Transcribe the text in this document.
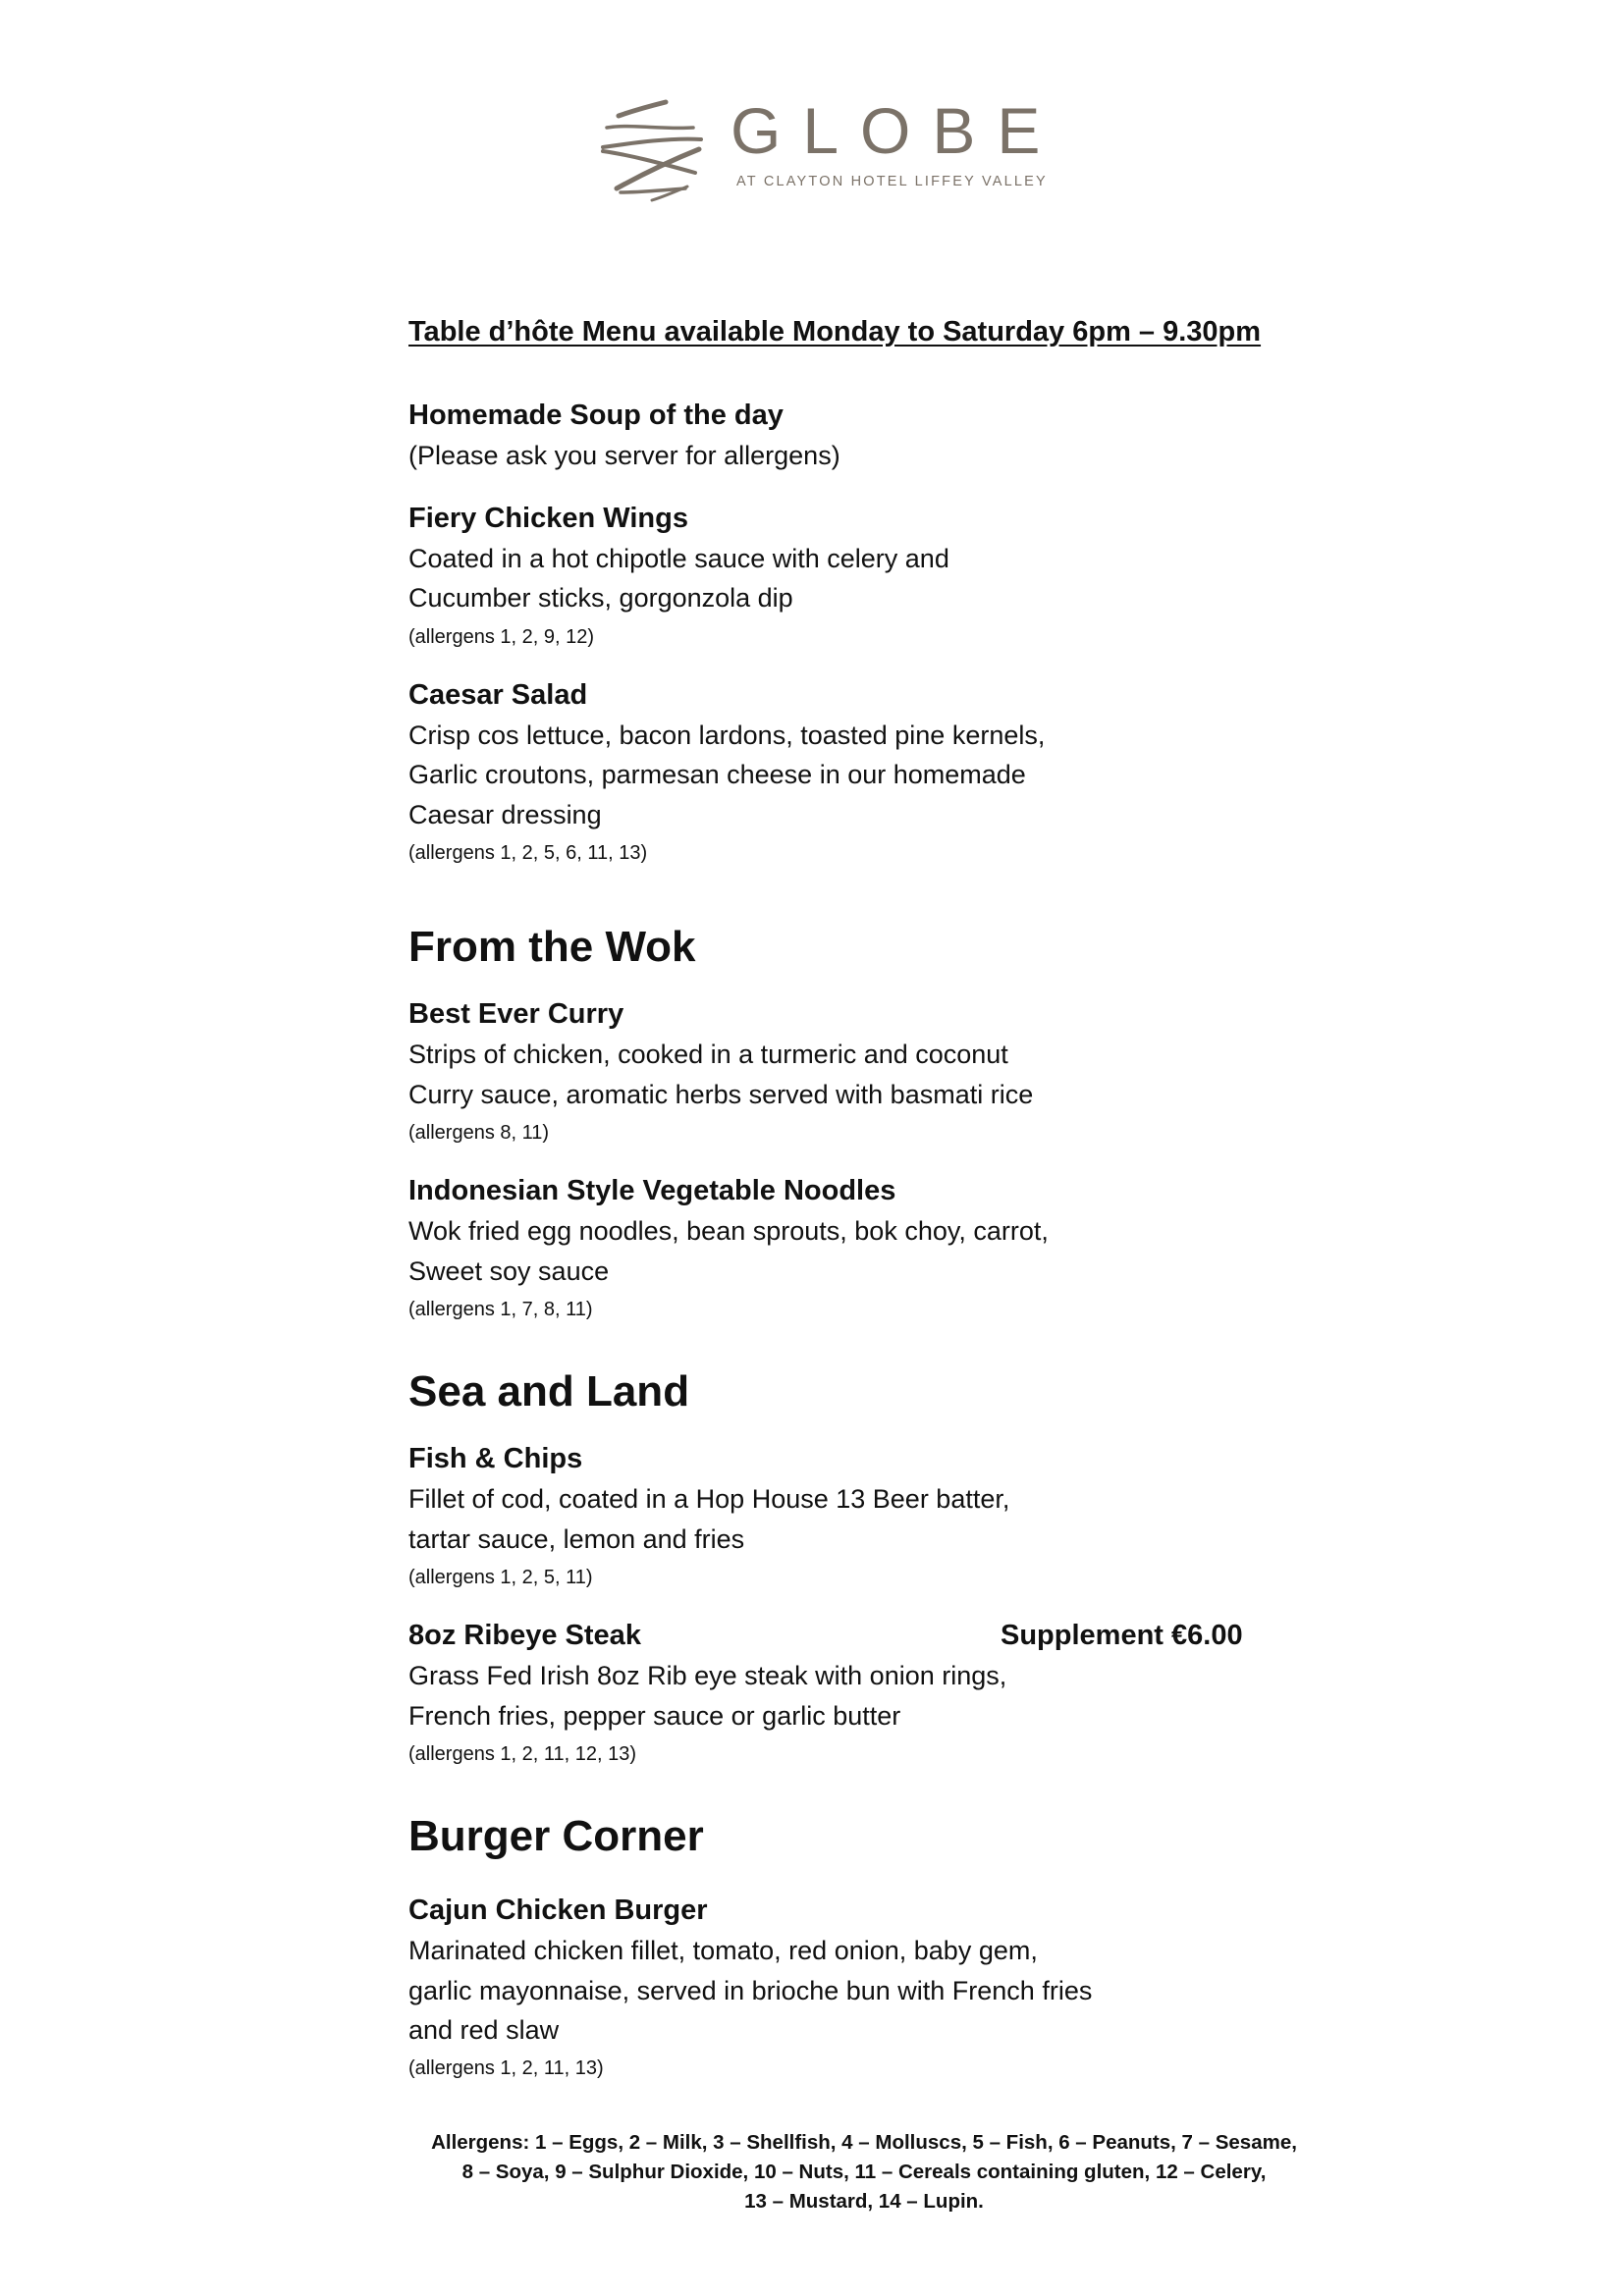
GLOBE
AT CLAYTON HOTEL LIFFEY VALLEY
Table d’hôte Menu available Monday to Saturday 6pm – 9.30pm
Homemade Soup of the day
(Please ask you server for allergens)
Fiery Chicken Wings
Coated in a hot chipotle sauce with celery and
Cucumber sticks, gorgonzola dip
(allergens 1, 2, 9, 12)
Caesar Salad
Crisp cos lettuce, bacon lardons, toasted pine kernels,
Garlic croutons, parmesan cheese in our homemade
Caesar dressing
(allergens 1, 2, 5, 6, 11, 13)
From the Wok
Best Ever Curry
Strips of chicken, cooked in a turmeric and coconut
Curry sauce, aromatic herbs served with basmati rice
(allergens 8, 11)
Indonesian Style Vegetable Noodles
Wok fried egg noodles, bean sprouts, bok choy, carrot,
Sweet soy sauce
(allergens 1, 7, 8, 11)
Sea and Land
Fish & Chips
Fillet of cod, coated in a Hop House 13 Beer batter,
tartar sauce, lemon and fries
(allergens 1, 2, 5, 11)
8oz Ribeye Steak	Supplement €6.00
Grass Fed Irish 8oz Rib eye steak with onion rings,
French fries, pepper sauce or garlic butter
(allergens 1, 2, 11, 12, 13)
Burger Corner
Cajun Chicken Burger
Marinated chicken fillet, tomato, red onion, baby gem,
garlic mayonnaise, served in brioche bun with French fries
and red slaw
(allergens 1, 2, 11, 13)
Allergens: 1 – Eggs, 2 – Milk, 3 – Shellfish, 4 – Molluscs, 5 – Fish, 6 – Peanuts, 7 – Sesame,
8 – Soya, 9 – Sulphur Dioxide, 10 – Nuts, 11 – Cereals containing gluten, 12 – Celery,
13 – Mustard, 14 – Lupin.
